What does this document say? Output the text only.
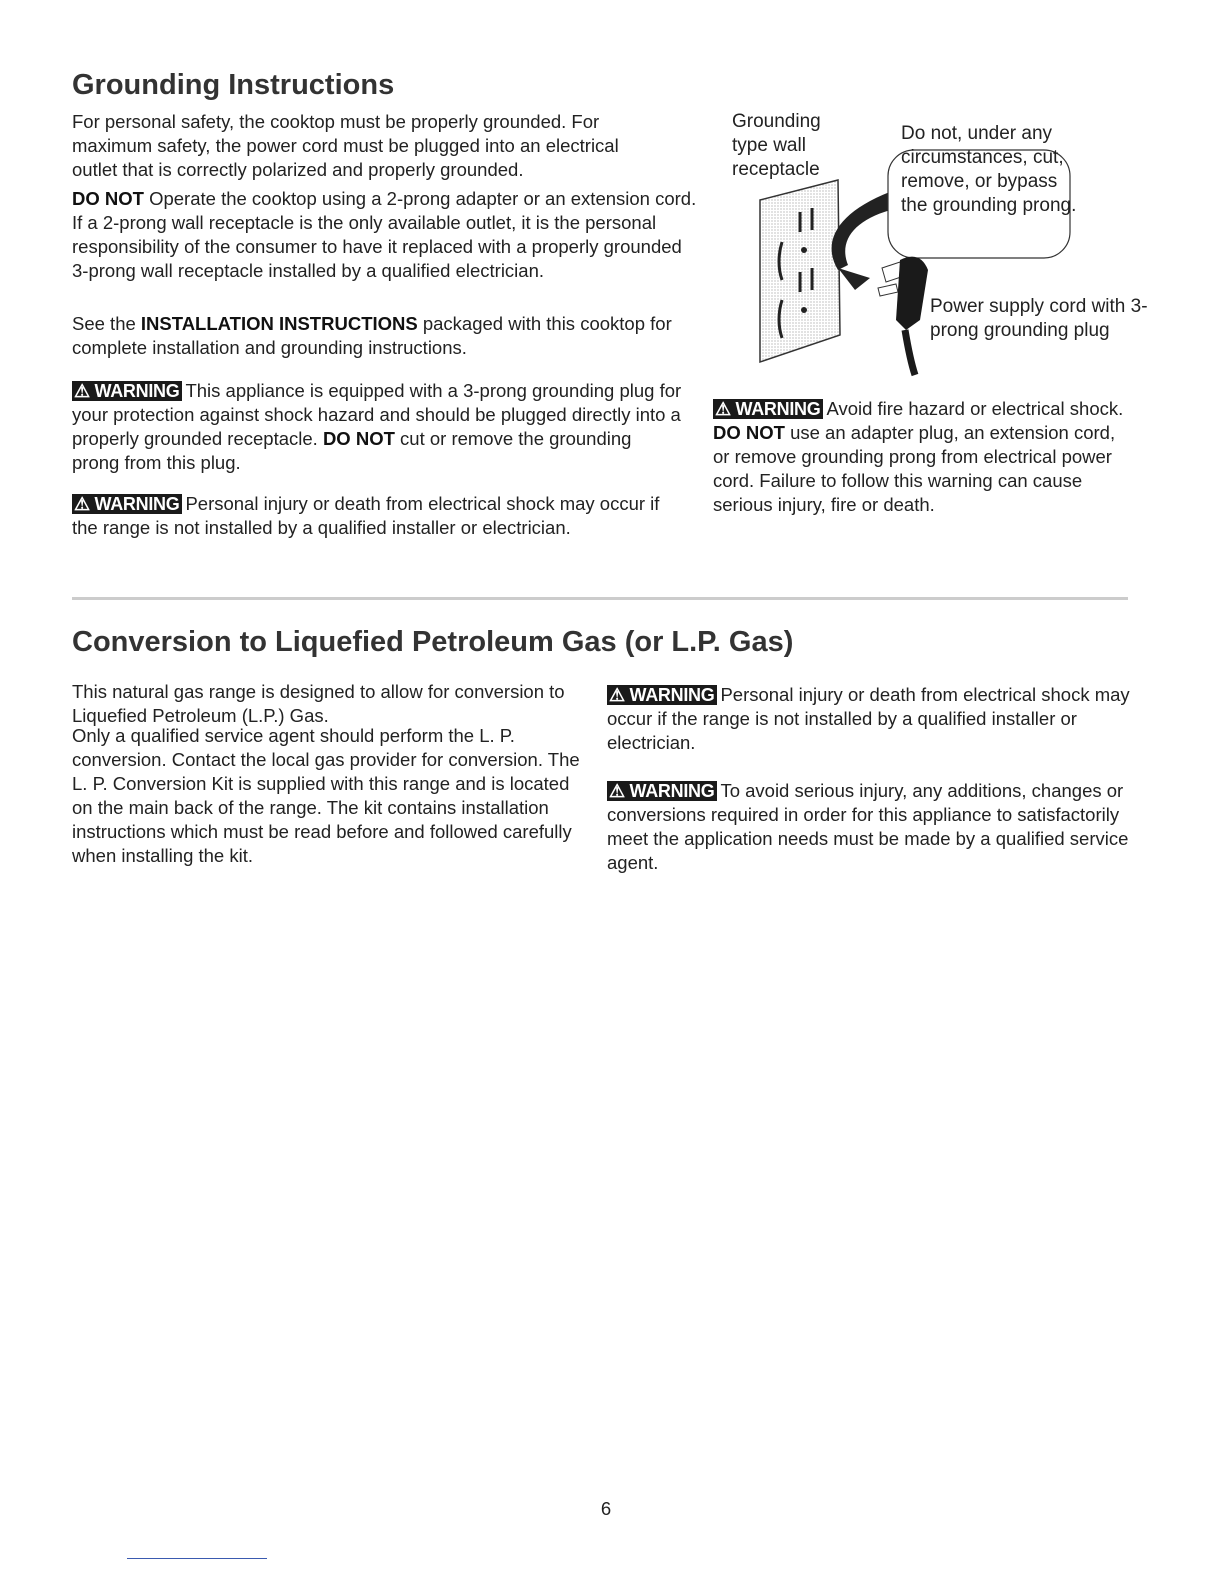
Grounding Instructions

For personal safety, the cooktop must be properly grounded. For maximum safety, the power cord must be plugged into an electrical outlet that is correctly polarized and properly grounded.

DO NOT Operate the cooktop using a 2-prong adapter or an extension cord. If a 2-prong wall receptacle is the only available outlet, it is the personal responsibility of the consumer to have it replaced with a properly grounded 3-prong wall receptacle installed by a qualified electrician.

See the INSTALLATION INSTRUCTIONS packaged with this cooktop for complete installation and grounding instructions.

⚠ WARNING This appliance is equipped with a 3-prong grounding plug for your protection against shock hazard and should be plugged directly into a properly grounded receptacle. DO NOT cut or remove the grounding prong from this plug.

⚠ WARNING Personal injury or death from electrical shock may occur if the range is not installed by a qualified installer or electrician.

Grounding type wall receptacle
Do not, under any circumstances, cut, remove, or bypass the grounding prong.
Power supply cord with 3-prong grounding plug

⚠ WARNING Avoid fire hazard or electrical shock. DO NOT use an adapter plug, an extension cord, or remove grounding prong from electrical power cord. Failure to follow this warning can cause serious injury, fire or death.

Conversion to Liquefied Petroleum Gas (or L.P. Gas)

This natural gas range is designed to allow for conversion to Liquefied Petroleum (L.P.) Gas.

Only a qualified service agent should perform the L. P. conversion. Contact the local gas provider for conversion. The L. P. Conversion Kit is supplied with this range and is located on the main back of the range. The kit contains installation instructions which must be read before and followed carefully when installing the kit.

⚠ WARNING Personal injury or death from electrical shock may occur if the range is not installed by a qualified installer or electrician.

⚠ WARNING To avoid serious injury, any additions, changes or conversions required in order for this appliance to satisfactorily meet the application needs must be made by a qualified service agent.

6
